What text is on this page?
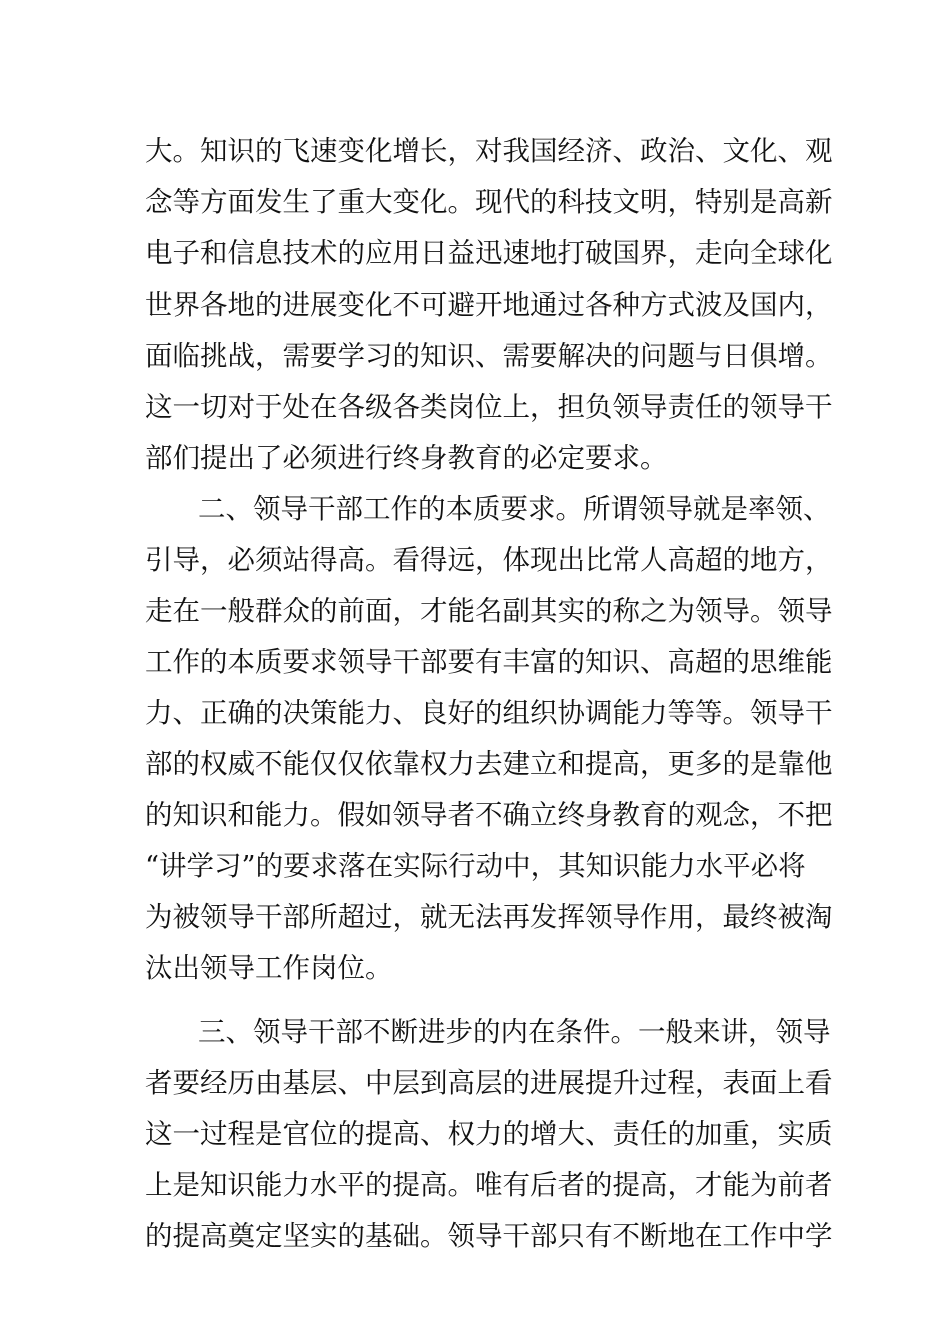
大。知识的飞速变化增长，对我国经济、政治、文化、观
念等方面发生了重大变化。现代的科技文明，特别是高新
电子和信息技术的应用日益迅速地打破国界，走向全球化
世界各地的进展变化不可避开地通过各种方式波及国内，
面临挑战，需要学习的知识、需要解决的问题与日俱增。
这一切对于处在各级各类岗位上，担负领导责任的领导干
部们提出了必须进行终身教育的必定要求。
二、领导干部工作的本质要求。所谓领导就是率领、
引导，必须站得高。看得远，体现出比常人高超的地方，
走在一般群众的前面，才能名副其实的称之为领导。领导
工作的本质要求领导干部要有丰富的知识、高超的思维能
力、正确的决策能力、良好的组织协调能力等等。领导干
部的权威不能仅仅依靠权力去建立和提高，更多的是靠他
的知识和能力。假如领导者不确立终身教育的观念，不把
“讲学习”的要求落在实际行动中，其知识能力水平必将
为被领导干部所超过，就无法再发挥领导作用，最终被淘
汰出领导工作岗位。
三、领导干部不断进步的内在条件。一般来讲，领导
者要经历由基层、中层到高层的进展提升过程，表面上看
这一过程是官位的提高、权力的增大、责任的加重，实质
上是知识能力水平的提高。唯有后者的提高，才能为前者
的提高奠定坚实的基础。领导干部只有不断地在工作中学
